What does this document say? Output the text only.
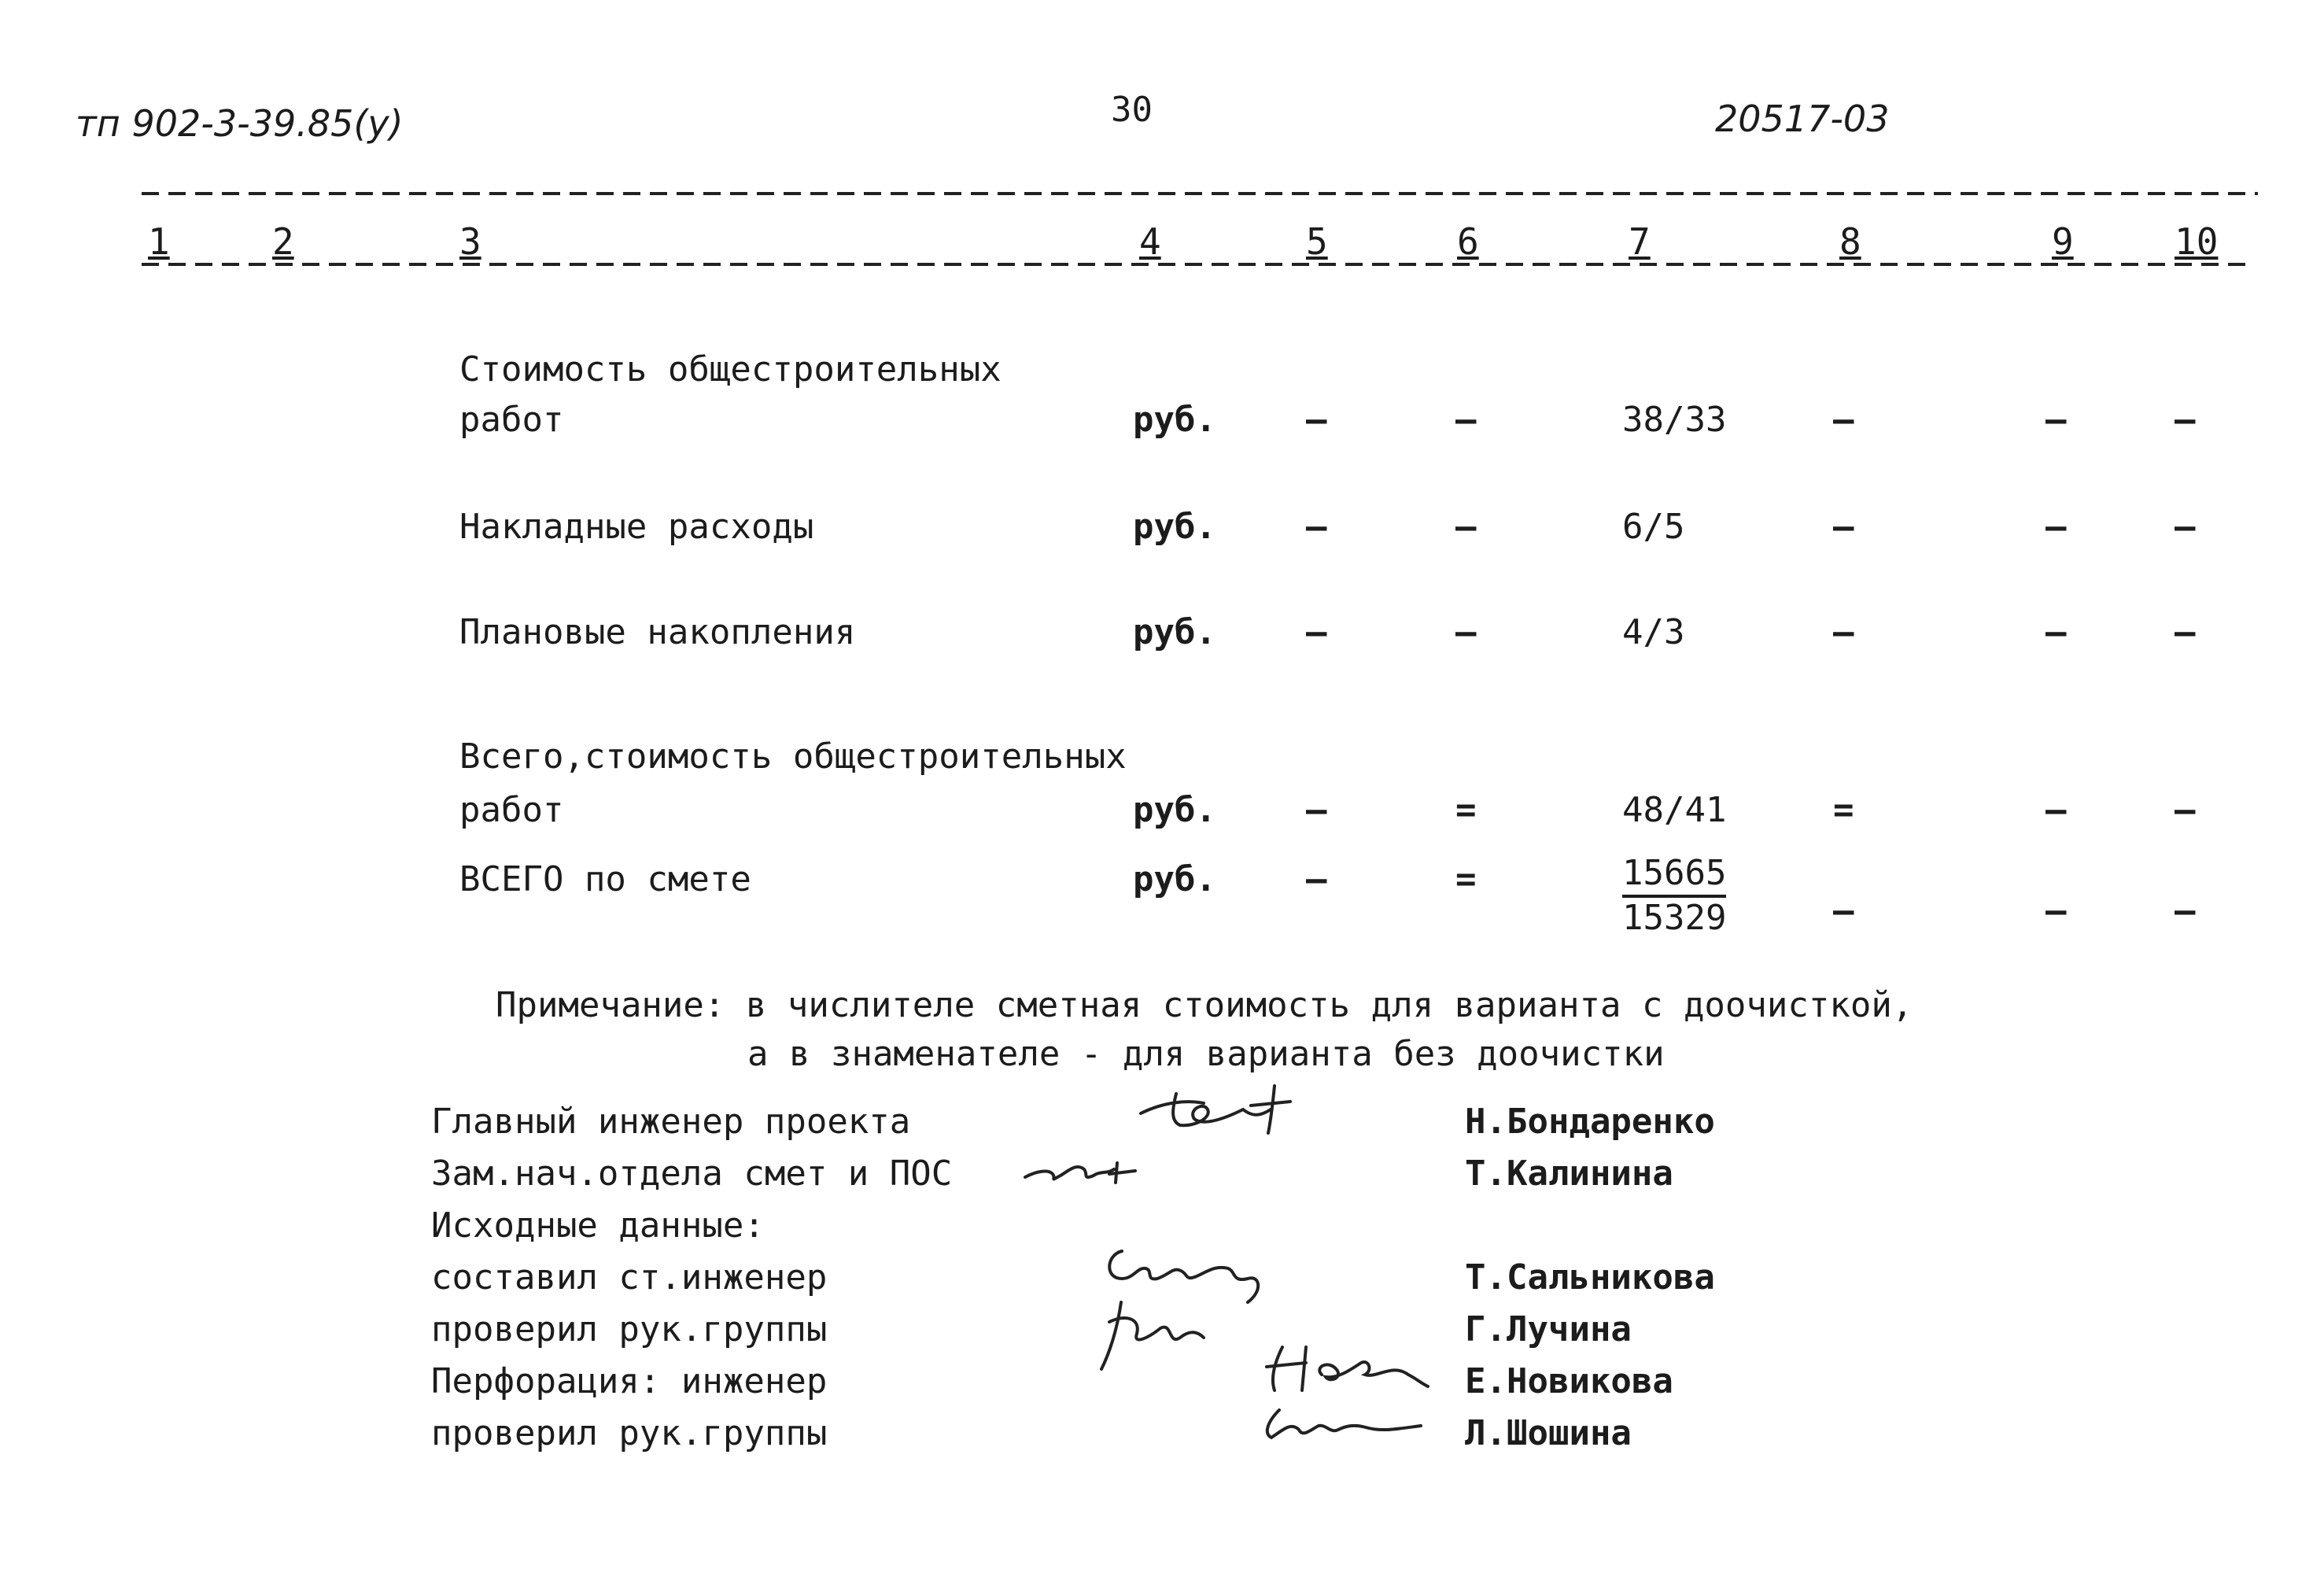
тп 902-3-39.85(у)	30	20517-03
1	2	3	4	5	6	7	8	9	10
Стоимость общестроительных
работ	руб.	–	–	38/33	–	–	–
Накладные расходы	руб.	–	–	6/5	–	–	–
Плановые накопления	руб.	–	–	4/3	–	–	–
Всего,стоимость общестроительных
работ	руб.	–	=	48/41	=	–	–
ВСЕГО по смете	руб.	–	=	$\frac{15665}{15329}$	–	–	–
Примечание: в числителе сметная стоимость для варианта с доочисткой,
а в знаменателе - для варианта без доочистки
Главный инженер проекта	Н.Бондаренко
Зам.нач.отдела смет и ПОС	Т.Калинина
Исходные данные:
составил ст.инженер	Т.Сальникова
проверил рук.группы	Г.Лучина
Перфорация: инженер	Е.Новикова
проверил рук.группы	Л.Шошина
